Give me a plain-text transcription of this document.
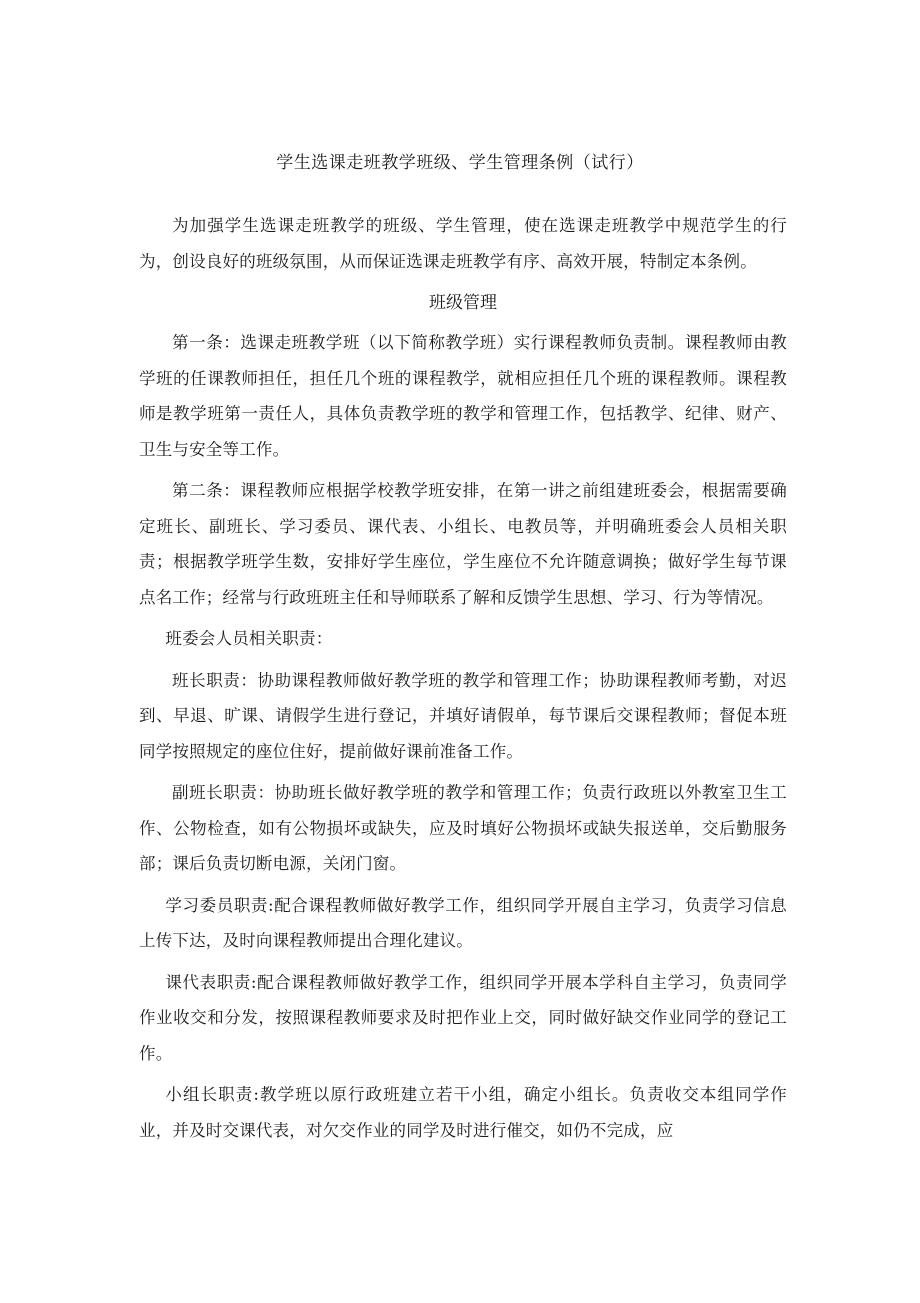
学生选课走班教学班级、学生管理条例（试行）

为加强学生选课走班教学的班级、学生管理，使在选课走班教学中规范学生的行为，创设良好的班级氛围，从而保证选课走班教学有序、高效开展，特制定本条例。

班级管理

第一条：选课走班教学班（以下简称教学班）实行课程教师负责制。课程教师由教学班的任课教师担任，担任几个班的课程教学，就相应担任几个班的课程教师。课程教师是教学班第一责任人，具体负责教学班的教学和管理工作，包括教学、纪律、财产、卫生与安全等工作。

第二条：课程教师应根据学校教学班安排，在第一讲之前组建班委会，根据需要确定班长、副班长、学习委员、课代表、小组长、电教员等，并明确班委会人员相关职责；根据教学班学生数，安排好学生座位，学生座位不允许随意调换；做好学生每节课点名工作；经常与行政班班主任和导师联系了解和反馈学生思想、学习、行为等情况。

班委会人员相关职责：

班长职责：协助课程教师做好教学班的教学和管理工作；协助课程教师考勤，对迟到、早退、旷课、请假学生进行登记，并填好请假单，每节课后交课程教师；督促本班同学按照规定的座位住好，提前做好课前准备工作。

副班长职责：协助班长做好教学班的教学和管理工作；负责行政班以外教室卫生工作、公物检查，如有公物损坏或缺失，应及时填好公物损坏或缺失报送单，交后勤服务部；课后负责切断电源，关闭门窗。

学习委员职责:配合课程教师做好教学工作，组织同学开展自主学习，负责学习信息上传下达，及时向课程教师提出合理化建议。

课代表职责:配合课程教师做好教学工作，组织同学开展本学科自主学习，负责同学作业收交和分发，按照课程教师要求及时把作业上交，同时做好缺交作业同学的登记工作。

小组长职责:教学班以原行政班建立若干小组，确定小组长。负责收交本组同学作业，并及时交课代表，对欠交作业的同学及时进行催交，如仍不完成，应
